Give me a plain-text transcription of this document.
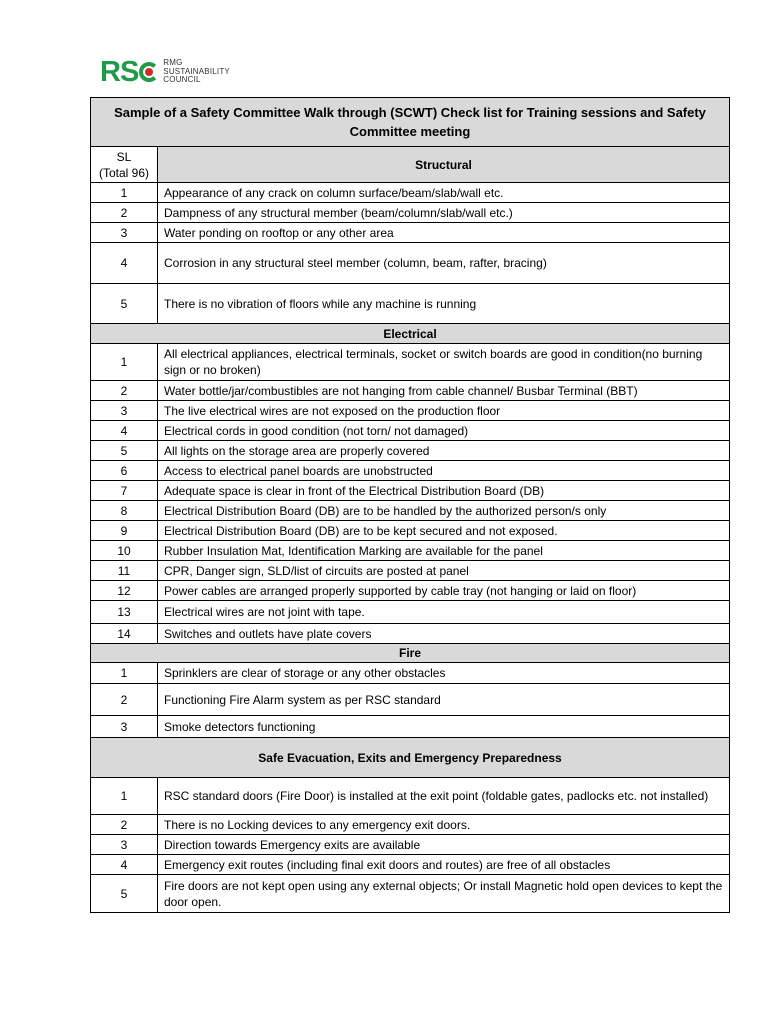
RS	RMG
SUSTAINABILITY
COUNCIL
Sample of a Safety Committee Walk through (SCWT) Check list for Training sessions and Safety Committee meeting	
SL
(Total 96)	Structural
1	Appearance of any crack on column surface/beam/slab/wall etc.
2	Dampness of any structural member (beam/column/slab/wall etc.)
3	Water ponding on rooftop or any other area
4	Corrosion in any structural steel member (column, beam, rafter, bracing)
5	There is no vibration of floors while any machine is running
Electrical	
1	All electrical appliances, electrical terminals, socket or switch boards are good in condition(no burning sign or no broken)
2	Water bottle/jar/combustibles are not hanging from cable channel/ Busbar Terminal (BBT)
3	The live electrical wires are not exposed on the production floor
4	Electrical cords in good condition (not torn/ not damaged)
5	All lights on the storage area are properly covered
6	Access to electrical panel boards are unobstructed
7	Adequate space is clear in front of the Electrical Distribution Board (DB)
8	Electrical Distribution Board (DB) are to be handled by the authorized person/s only
9	Electrical Distribution Board (DB) are to be kept secured and not exposed.
10	Rubber Insulation Mat, Identification Marking are available for the panel
11	CPR, Danger sign, SLD/list of circuits are posted at panel
12	Power cables are arranged properly supported by cable tray (not hanging or laid on floor)
13	Electrical wires are not joint with tape.
14	Switches and outlets have plate covers
Fire	
1	Sprinklers are clear of storage or any other obstacles
2	Functioning Fire Alarm system as per RSC standard
3	Smoke detectors functioning
Safe Evacuation, Exits and Emergency Preparedness	
1	RSC standard doors (Fire Door) is installed at the exit point (foldable gates, padlocks etc. not installed)
2	There is no Locking devices to any emergency exit doors.
3	Direction towards Emergency exits are available
4	Emergency exit routes (including final exit doors and routes) are free of all obstacles
5	Fire doors are not kept open using any external objects; Or install Magnetic hold open devices to kept the door open.
